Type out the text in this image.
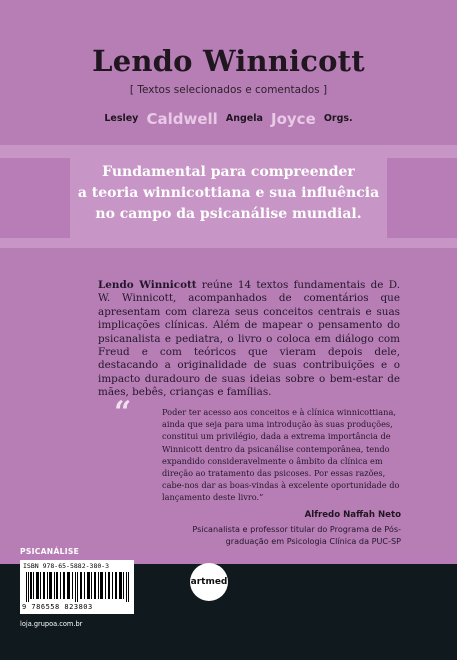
Lendo Winnicott
[ Textos selecionados e comentados ]
Lesley Caldwell Angela Joyce Orgs.
Fundamental para compreender
a teoria winnicottiana e sua influência
no campo da psicanálise mundial.
Lendo Winnicott reúne 14 textos fundamentais de D. W. Winnicott, acompanhados de comentários que apresentam com clareza seus conceitos centrais e suas implicações clínicas. Além de mapear o pensamento do psicanalista e pediatra, o livro o coloca em diálogo com Freud e com teóricos que vieram depois dele, destacando a originalidade de suas contribuições e o impacto duradouro de suas ideias sobre o bem-estar de mães, bebês, crianças e famílias.
“	Poder ter acesso aos conceitos e à clínica winnicottiana, ainda que seja para uma introdução às suas produções, constitui um privilégio, dada a extrema importância de Winnicott dentro da psicanálise contemporânea, tendo expandido consideravelmente o âmbito da clínica em direção ao tratamento das psicoses. Por essas razões, cabe-nos dar as boas-vindas à excelente oportunidade do lançamento deste livro.”
Alfredo Naffah Neto
Psicanalista e professor titular do Programa de Pós-graduação em Psicologia Clínica da PUC-SP
PSICANÁLISE
ISBN 978-65-5882-380-3
9 786558 823803
loja.grupoa.com.br
artmed
